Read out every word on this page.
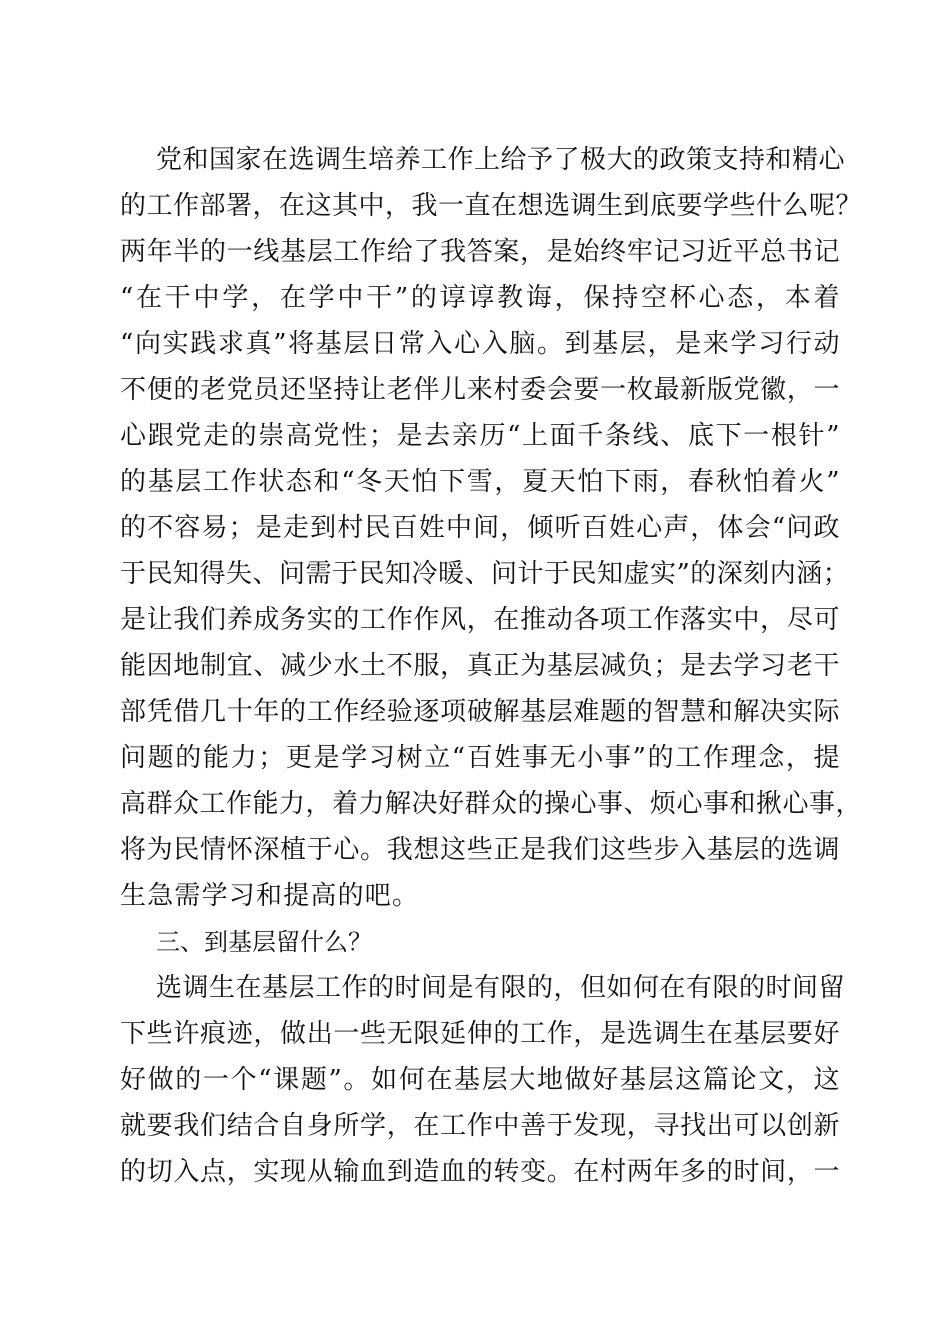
党和国家在选调生培养工作上给予了极大的政策支持和精心
的工作部署，在这其中，我一直在想选调生到底要学些什么呢？
两年半的一线基层工作给了我答案，是始终牢记习近平总书记
“在干中学，在学中干”的谆谆教诲，保持空杯心态，本着
“向实践求真”将基层日常入心入脑。到基层，是来学习行动
不便的老党员还坚持让老伴儿来村委会要一枚最新版党徽，一
心跟党走的崇高党性；是去亲历“上面千条线、底下一根针”
的基层工作状态和“冬天怕下雪，夏天怕下雨，春秋怕着火”
的不容易；是走到村民百姓中间，倾听百姓心声，体会“问政
于民知得失、问需于民知冷暖、问计于民知虚实”的深刻内涵；
是让我们养成务实的工作作风，在推动各项工作落实中，尽可
能因地制宜、减少水土不服，真正为基层减负；是去学习老干
部凭借几十年的工作经验逐项破解基层难题的智慧和解决实际
问题的能力；更是学习树立“百姓事无小事”的工作理念，提
高群众工作能力，着力解决好群众的操心事、烦心事和揪心事，
将为民情怀深植于心。我想这些正是我们这些步入基层的选调
生急需学习和提高的吧。
三、到基层留什么？
选调生在基层工作的时间是有限的，但如何在有限的时间留
下些许痕迹，做出一些无限延伸的工作，是选调生在基层要好
好做的一个“课题”。如何在基层大地做好基层这篇论文，这
就要我们结合自身所学，在工作中善于发现，寻找出可以创新
的切入点，实现从输血到造血的转变。在村两年多的时间，一
